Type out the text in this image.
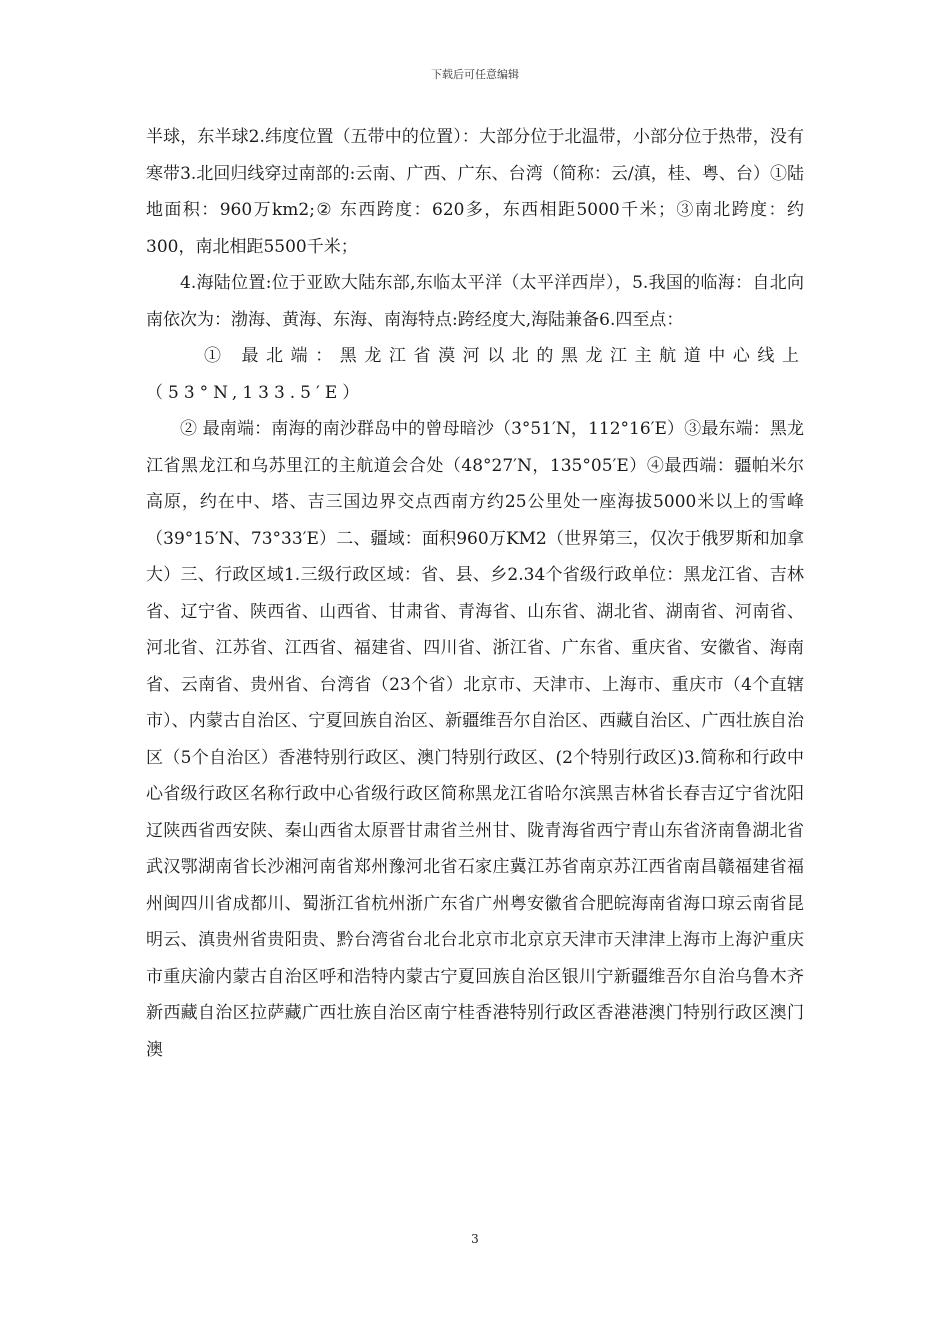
下载后可任意编辑

半球，东半球2.纬度位置（五带中的位置）：大部分位于北温带，小部分位于热带，没有寒带3.北回归线穿过南部的:云南、广西、广东、台湾（简称：云/滇，桂、粤、台）①陆地面积：960万km2;② 东西跨度：620多，东西相距5000千米；③南北跨度：约300，南北相距5500千米；

4.海陆位置:位于亚欧大陆东部,东临太平洋（太平洋西岸），5.我国的临海：自北向南依次为：渤海、黄海、东海、南海特点:跨经度大,海陆兼备6.四至点：

① 最北端：黑龙江省漠河以北的黑龙江主航道中心线上（53°N,133.5′E）

② 最南端：南海的南沙群岛中的曾母暗沙（3°51′N，112°16′E）③最东端：黑龙江省黑龙江和乌苏里江的主航道会合处（48°27′N，135°05′E）④最西端：疆帕米尔高原，约在中、塔、吉三国边界交点西南方约25公里处一座海拔5000米以上的雪峰（39°15′N、73°33′E）二、疆域：面积960万KM2（世界第三，仅次于俄罗斯和加拿大）三、行政区域1.三级行政区域：省、县、乡2.34个省级行政单位：黑龙江省、吉林省、辽宁省、陕西省、山西省、甘肃省、青海省、山东省、湖北省、湖南省、河南省、河北省、江苏省、江西省、福建省、四川省、浙江省、广东省、重庆省、安徽省、海南省、云南省、贵州省、台湾省（23个省）北京市、天津市、上海市、重庆市（4个直辖市）、内蒙古自治区、宁夏回族自治区、新疆维吾尔自治区、西藏自治区、广西壮族自治区（5个自治区）香港特别行政区、澳门特别行政区、(2个特别行政区)3.简称和行政中心省级行政区名称行政中心省级行政区简称黑龙江省哈尔滨黑吉林省长春吉辽宁省沈阳辽陕西省西安陕、秦山西省太原晋甘肃省兰州甘、陇青海省西宁青山东省济南鲁湖北省武汉鄂湖南省长沙湘河南省郑州豫河北省石家庄冀江苏省南京苏江西省南昌赣福建省福州闽四川省成都川、蜀浙江省杭州浙广东省广州粤安徽省合肥皖海南省海口琼云南省昆明云、滇贵州省贵阳贵、黔台湾省台北台北京市北京京天津市天津津上海市上海沪重庆市重庆渝内蒙古自治区呼和浩特内蒙古宁夏回族自治区银川宁新疆维吾尔自治乌鲁木齐新西藏自治区拉萨藏广西壮族自治区南宁桂香港特别行政区香港港澳门特别行政区澳门澳

3
